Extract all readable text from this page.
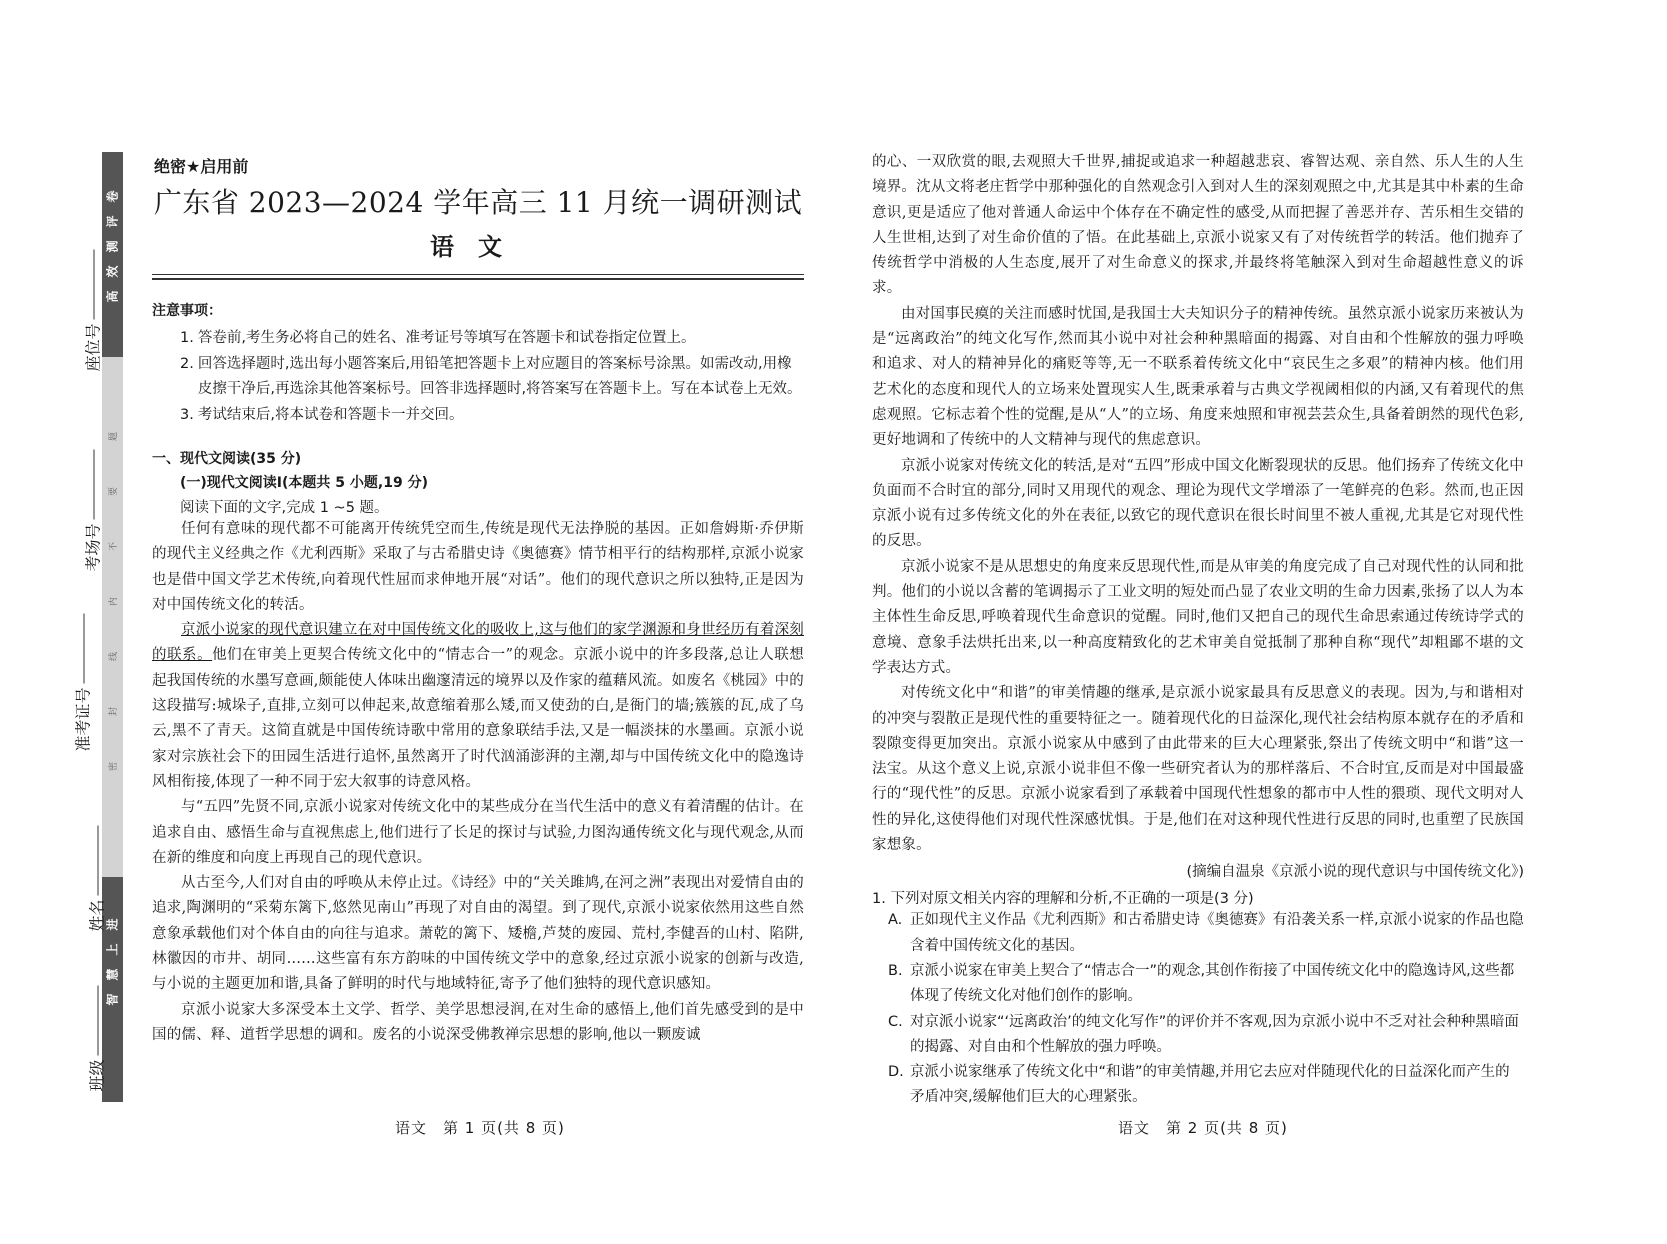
卷
评
测
效
高
进
上
慧
智
题
要
不
内
线
封
密
座位号
考场号
准考证号
姓名
班级
绝密★启用前
广东省 2023—2024 学年高三 11 月统一调研测试
语文
注意事项：
1. 答卷前,考生务必将自己的姓名、准考证号等填写在答题卡和试卷指定位置上。
2. 回答选择题时,选出每小题答案后,用铅笔把答题卡上对应题目的答案标号涂黑。如需改动,用橡皮擦干净后,再选涂其他答案标号。回答非选择题时,将答案写在答题卡上。写在本试卷上无效。
3. 考试结束后,将本试卷和答题卡一并交回。
一、现代文阅读(35 分)
(一)现代文阅读Ⅰ(本题共 5 小题,19 分)
阅读下面的文字,完成 1 ~5 题。

任何有意味的现代都不可能离开传统凭空而生,传统是现代无法挣脱的基因。正如詹姆斯·乔伊斯的现代主义经典之作《尤利西斯》采取了与古希腊史诗《奥德赛》情节相平行的结构那样,京派小说家也是借中国文学艺术传统,向着现代性屈而求伸地开展“对话”。他们的现代意识之所以独特,正是因为对中国传统文化的转活。

京派小说家的现代意识建立在对中国传统文化的吸收上,这与他们的家学渊源和身世经历有着深刻的联系。他们在审美上更契合传统文化中的“情志合一”的观念。京派小说中的许多段落,总让人联想起我国传统的水墨写意画,颇能使人体味出幽邃清远的境界以及作家的蕴藉风流。如废名《桃园》中的这段描写:城垛子,直排,立刻可以伸起来,故意缩着那么矮,而又使劲的白,是衙门的墙;簇簇的瓦,成了乌云,黑不了青天。这简直就是中国传统诗歌中常用的意象联结手法,又是一幅淡抹的水墨画。京派小说家对宗族社会下的田园生活进行追怀,虽然离开了时代汹涌澎湃的主潮,却与中国传统文化中的隐逸诗风相衔接,体现了一种不同于宏大叙事的诗意风格。

与“五四”先贤不同,京派小说家对传统文化中的某些成分在当代生活中的意义有着清醒的估计。在追求自由、感悟生命与直视焦虑上,他们进行了长足的探讨与试验,力图沟通传统文化与现代观念,从而在新的维度和向度上再现自己的现代意识。

从古至今,人们对自由的呼唤从未停止过。《诗经》中的“关关雎鸠,在河之洲”表现出对爱情自由的追求,陶渊明的“采菊东篱下,悠然见南山”再现了对自由的渴望。到了现代,京派小说家依然用这些自然意象承载他们对个体自由的向往与追求。萧乾的篱下、矮檐,芦焚的废园、荒村,李健吾的山村、陷阱,林徽因的市井、胡同……这些富有东方韵味的中国传统文学中的意象,经过京派小说家的创新与改造,与小说的主题更加和谐,具备了鲜明的时代与地域特征,寄予了他们独特的现代意识感知。

京派小说家大多深受本土文学、哲学、美学思想浸润,在对生命的感悟上,他们首先感受到的是中国的儒、释、道哲学思想的调和。废名的小说深受佛教禅宗思想的影响,他以一颗废诚

语文　第 1 页(共 8 页)

的心、一双欣赏的眼,去观照大千世界,捕捉或追求一种超越悲哀、睿智达观、亲自然、乐人生的人生境界。沈从文将老庄哲学中那种强化的自然观念引入到对人生的深刻观照之中,尤其是其中朴素的生命意识,更是适应了他对普通人命运中个体存在不确定性的感受,从而把握了善恶并存、苦乐相生交错的人生世相,达到了对生命价值的了悟。在此基础上,京派小说家又有了对传统哲学的转活。他们抛弃了传统哲学中消极的人生态度,展开了对生命意义的探求,并最终将笔触深入到对生命超越性意义的诉求。

由对国事民瘼的关注而感时忧国,是我国士大夫知识分子的精神传统。虽然京派小说家历来被认为是“远离政治”的纯文化写作,然而其小说中对社会种种黑暗面的揭露、对自由和个性解放的强力呼唤和追求、对人的精神异化的痛贬等等,无一不联系着传统文化中“哀民生之多艰”的精神内核。他们用艺术化的态度和现代人的立场来处置现实人生,既秉承着与古典文学视阈相似的内涵,又有着现代的焦虑观照。它标志着个性的觉醒,是从“人”的立场、角度来烛照和审视芸芸众生,具备着朗然的现代色彩,更好地调和了传统中的人文精神与现代的焦虑意识。

京派小说家对传统文化的转活,是对“五四”形成中国文化断裂现状的反思。他们扬弃了传统文化中负面而不合时宜的部分,同时又用现代的观念、理论为现代文学增添了一笔鲜亮的色彩。然而,也正因京派小说有过多传统文化的外在表征,以致它的现代意识在很长时间里不被人重视,尤其是它对现代性的反思。

京派小说家不是从思想史的角度来反思现代性,而是从审美的角度完成了自己对现代性的认同和批判。他们的小说以含蓄的笔调揭示了工业文明的短处而凸显了农业文明的生命力因素,张扬了以人为本主体性生命反思,呼唤着现代生命意识的觉醒。同时,他们又把自己的现代生命思索通过传统诗学式的意境、意象手法烘托出来,以一种高度精致化的艺术审美自觉抵制了那种自称“现代”却粗鄙不堪的文学表达方式。

对传统文化中“和谐”的审美情趣的继承,是京派小说家最具有反思意义的表现。因为,与和谐相对的冲突与裂散正是现代性的重要特征之一。随着现代化的日益深化,现代社会结构原本就存在的矛盾和裂隙变得更加突出。京派小说家从中感到了由此带来的巨大心理紧张,祭出了传统文明中“和谐”这一法宝。从这个意义上说,京派小说非但不像一些研究者认为的那样落后、不合时宜,反而是对中国最盛行的“现代性”的反思。京派小说家看到了承载着中国现代性想象的都市中人性的猥琐、现代文明对人性的异化,这使得他们对现代性深感忧惧。于是,他们在对这种现代性进行反思的同时,也重塑了民族国家想象。

(摘编自温泉《京派小说的现代意识与中国传统文化》)
1. 下列对原文相关内容的理解和分析,不正确的一项是(3 分)
A. 正如现代主义作品《尤利西斯》和古希腊史诗《奥德赛》有沿袭关系一样,京派小说家的作品也隐含着中国传统文化的基因。
B. 京派小说家在审美上契合了“情志合一”的观念,其创作衔接了中国传统文化中的隐逸诗风,这些都体现了传统文化对他们创作的影响。
C. 对京派小说家“‘远离政治’的纯文化写作”的评价并不客观,因为京派小说中不乏对社会种种黑暗面的揭露、对自由和个性解放的强力呼唤。
D. 京派小说家继承了传统文化中“和谐”的审美情趣,并用它去应对伴随现代化的日益深化而产生的矛盾冲突,缓解他们巨大的心理紧张。
语文　第 2 页(共 8 页)
